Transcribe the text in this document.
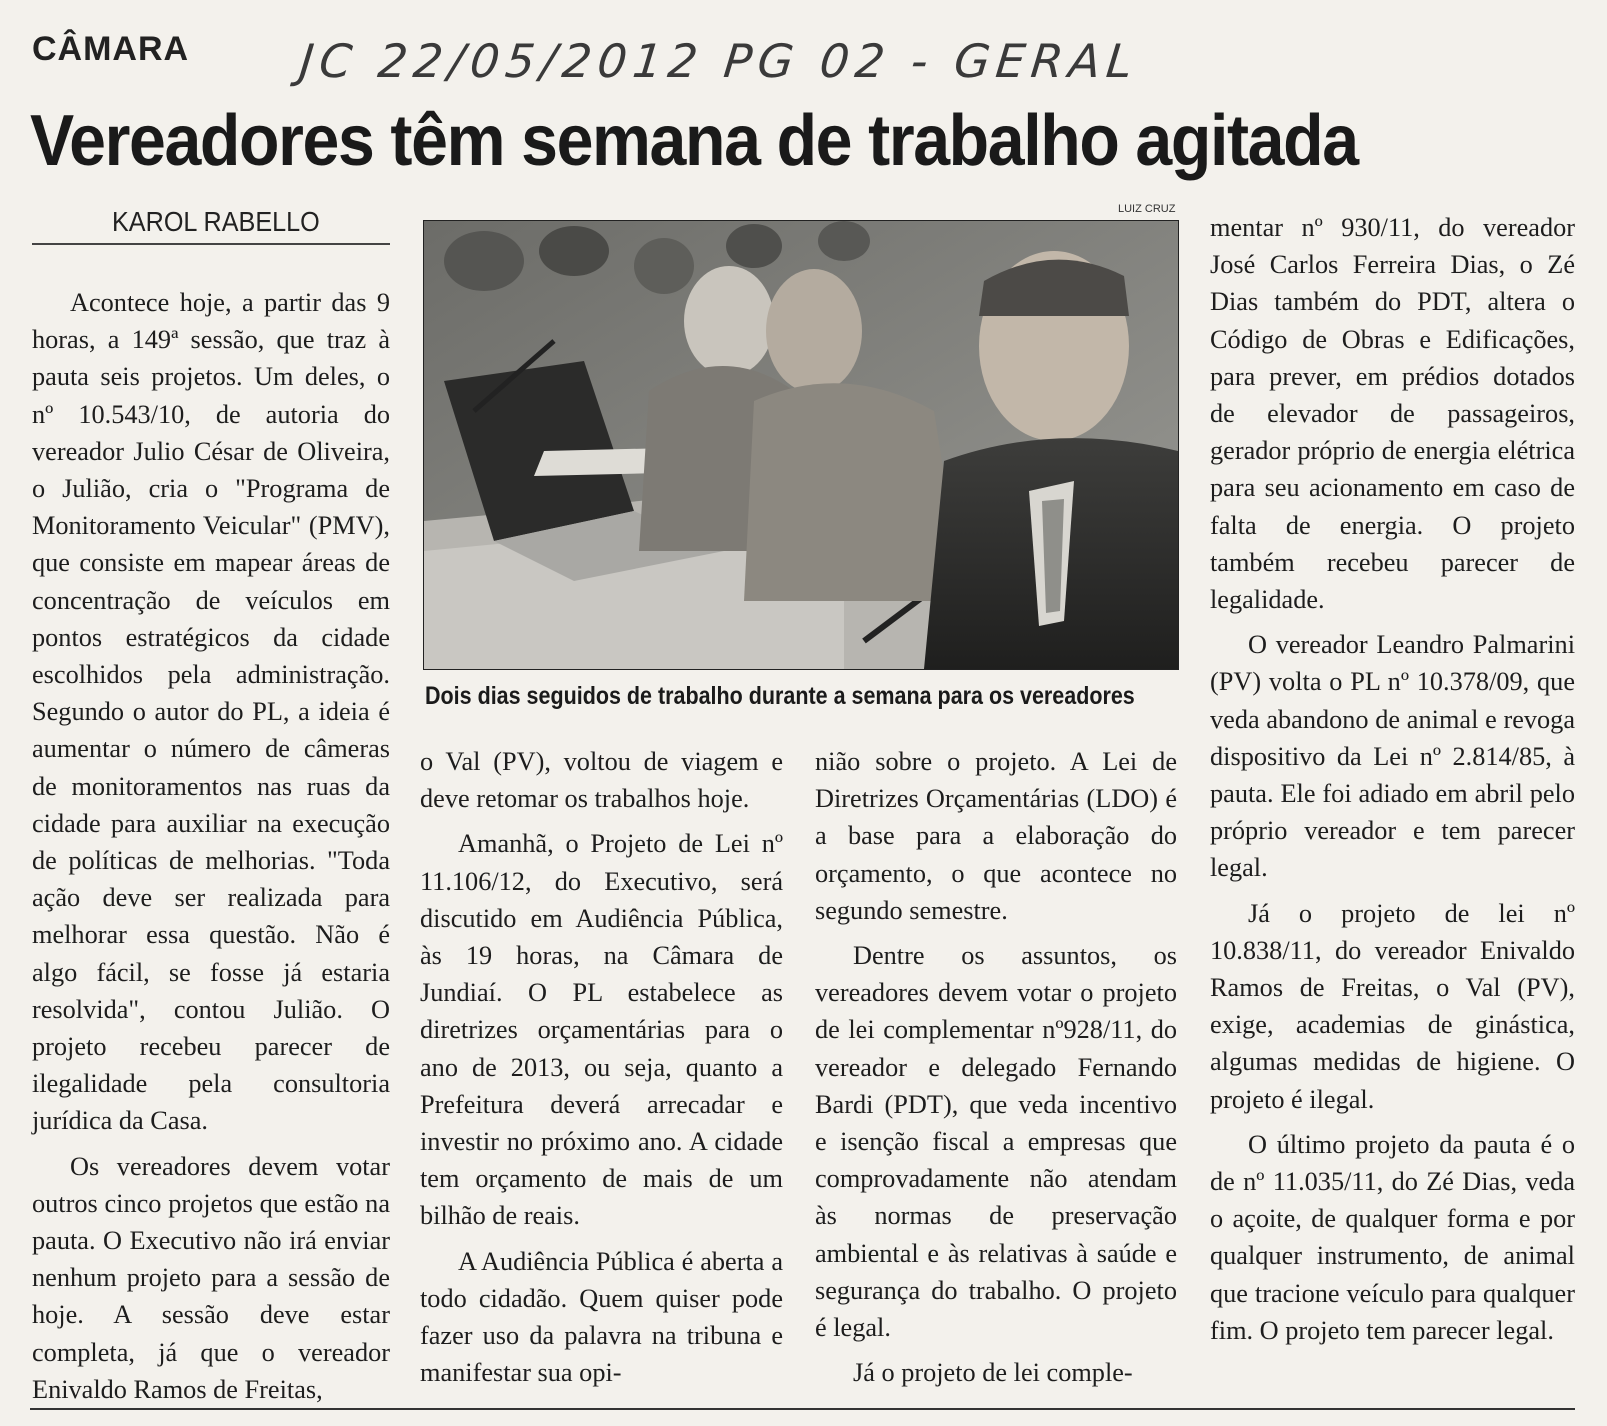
CÂMARA JC 22/05/2012 PG 02 - GERAL
Vereadores têm semana de trabalho agitada
KAROL RABELLO

Acontece hoje, a partir das 9 horas, a 149ª sessão, que traz à pauta seis projetos. Um deles, o nº 10.543/10, de autoria do vereador Julio César de Oliveira, o Julião, cria o "Programa de Monitoramento Veicular" (PMV), que consiste em mapear áreas de concentração de veículos em pontos estratégicos da cidade escolhidos pela administração. Segundo o autor do PL, a ideia é aumentar o número de câmeras de monitoramentos nas ruas da cidade para auxiliar na execução de políticas de melhorias. "Toda ação deve ser realizada para melhorar essa questão. Não é algo fácil, se fosse já estaria resolvida", contou Julião. O projeto recebeu parecer de ilegalidade pela consultoria jurídica da Casa.

Os vereadores devem votar outros cinco projetos que estão na pauta. O Executivo não irá enviar nenhum projeto para a sessão de hoje. A sessão deve estar completa, já que o vereador Enivaldo Ramos de Freitas,

LUIZ CRUZ
Dois dias seguidos de trabalho durante a semana para os vereadores

o Val (PV), voltou de viagem e deve retomar os trabalhos hoje.

Amanhã, o Projeto de Lei nº 11.106/12, do Executivo, será discutido em Audiência Pública, às 19 horas, na Câmara de Jundiaí. O PL estabelece as diretrizes orçamentárias para o ano de 2013, ou seja, quanto a Prefeitura deverá arrecadar e investir no próximo ano. A cidade tem orçamento de mais de um bilhão de reais.

A Audiência Pública é aberta a todo cidadão. Quem quiser pode fazer uso da palavra na tribuna e manifestar sua opi-

nião sobre o projeto. A Lei de Diretrizes Orçamentárias (LDO) é a base para a elaboração do orçamento, o que acontece no segundo semestre.

Dentre os assuntos, os vereadores devem votar o projeto de lei complementar nº928/11, do vereador e delegado Fernando Bardi (PDT), que veda incentivo e isenção fiscal a empresas que comprovadamente não atendam às normas de preservação ambiental e às relativas à saúde e segurança do trabalho. O projeto é legal.

Já o projeto de lei comple-

mentar nº 930/11, do vereador José Carlos Ferreira Dias, o Zé Dias também do PDT, altera o Código de Obras e Edificações, para prever, em prédios dotados de elevador de passageiros, gerador próprio de energia elétrica para seu acionamento em caso de falta de energia. O projeto também recebeu parecer de legalidade.

O vereador Leandro Palmarini (PV) volta o PL nº 10.378/09, que veda abandono de animal e revoga dispositivo da Lei nº 2.814/85, à pauta. Ele foi adiado em abril pelo próprio vereador e tem parecer legal.

Já o projeto de lei nº 10.838/11, do vereador Enivaldo Ramos de Freitas, o Val (PV), exige, academias de ginástica, algumas medidas de higiene. O projeto é ilegal.

O último projeto da pauta é o de nº 11.035/11, do Zé Dias, veda o açoite, de qualquer forma e por qualquer instrumento, de animal que tracione veículo para qualquer fim. O projeto tem parecer legal.
